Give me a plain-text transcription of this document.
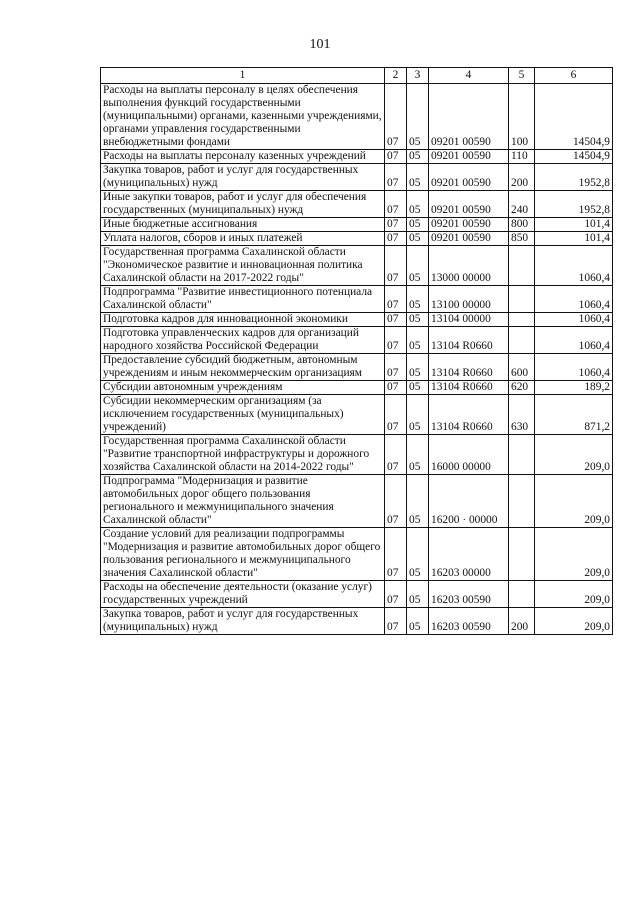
101
1	2	3	4	5	6
Расходы на выплаты персоналу в целях обеспечения выполнения функций государственными (муниципальными) органами, казенными учреждениями, органами управления государственными внебюджетными фондами	07	05	09201 00590	100	14504,9
Расходы на выплаты персоналу казенных учреждений	07	05	09201 00590	110	14504,9
Закупка товаров, работ и услуг для государственных (муниципальных) нужд	07	05	09201 00590	200	1952,8
Иные закупки товаров, работ и услуг для обеспечения государственных (муниципальных) нужд	07	05	09201 00590	240	1952,8
Иные бюджетные ассигнования	07	05	09201 00590	800	101,4
Уплата налогов, сборов и иных платежей	07	05	09201 00590	850	101,4
Государственная программа Сахалинской области "Экономическое развитие и инновационная политика Сахалинской области на 2017-2022 годы"	07	05	13000 00000		1060,4
Подпрограмма "Развитие инвестиционного потенциала Сахалинской области"	07	05	13100 00000		1060,4
Подготовка кадров для инновационной экономики	07	05	13104 00000		1060,4
Подготовка управленческих кадров для организаций народного хозяйства Российской Федерации	07	05	13104 R0660		1060,4
Предоставление субсидий бюджетным, автономным учреждениям и иным некоммерческим организациям	07	05	13104 R0660	600	1060,4
Субсидии автономным учреждениям	07	05	13104 R0660	620	189,2
Субсидии некоммерческим организациям (за исключением государственных (муниципальных) учреждений)	07	05	13104 R0660	630	871,2
Государственная программа Сахалинской области "Развитие транспортной инфраструктуры и дорожного хозяйства Сахалинской области на 2014-2022 годы"	07	05	16000 00000		209,0
Подпрограмма "Модернизация и развитие автомобильных дорог общего пользования регионального и межмуниципального значения Сахалинской области"	07	05	16200 · 00000		209,0
Создание условий для реализации подпрограммы "Модернизация и развитие автомобильных дорог общего пользования регионального и межмуниципального значения Сахалинской области"	07	05	16203 00000		209,0
Расходы на обеспечение деятельности (оказание услуг) государственных учреждений	07	05	16203 00590		209,0
Закупка товаров, работ и услуг для государственных (муниципальных) нужд	07	05	16203 00590	200	209,0
